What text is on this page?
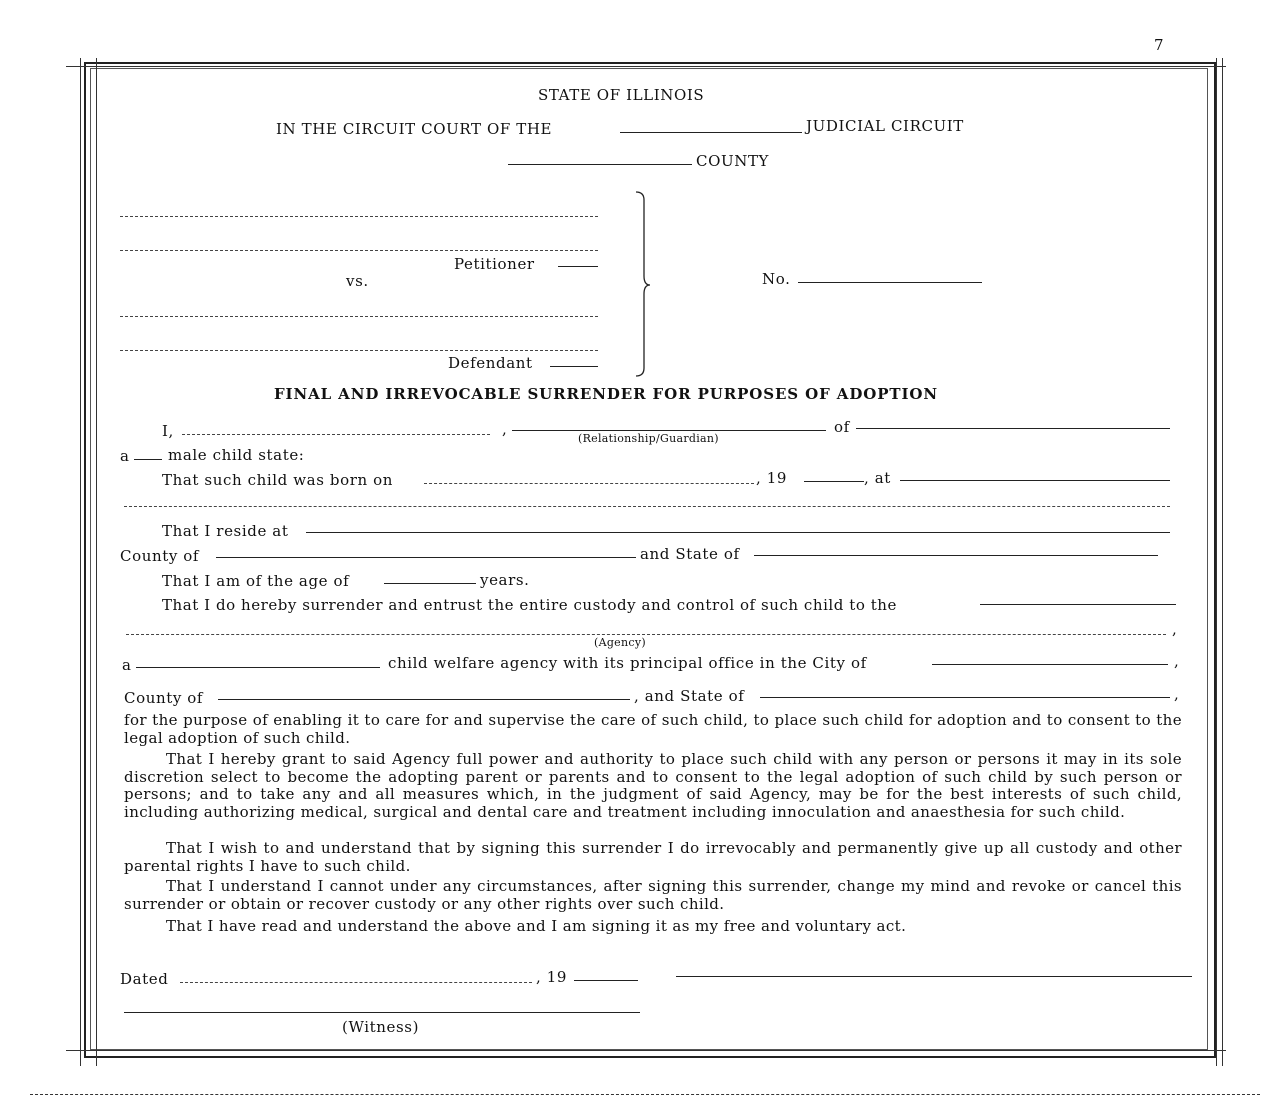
7
STATE OF ILLINOIS
IN THE CIRCUIT COURT OF THE	JUDICIAL CIRCUIT
COUNTY
Petitioner
vs.
Defendant
No.
FINAL AND IRREVOCABLE SURRENDER FOR PURPOSES OF ADOPTION
I,	,
(Relationship/Guardian)
of
a	male child state:
That such child was born on	, 19	, at
That I reside at
County of	and State of
That I am of the age of	years.
That I do hereby surrender and entrust the entire custody and control of such child to the
,
(Agency)
a	child welfare agency with its principal office in the City of	,
County of	, and State of	,
for the purpose of enabling it to care for and supervise the care of such child, to place such child for adoption and to consent to the legal adoption of such child.
That I hereby grant to said Agency full power and authority to place such child with any person or persons it may in its sole discretion select to become the adopting parent or parents and to consent to the legal adoption of such child by such person or persons; and to take any and all measures which, in the judgment of said Agency, may be for the best interests of such child, including authorizing medical, surgical and dental care and treatment including innoculation and anaesthesia for such child.
That I wish to and understand that by signing this surrender I do irrevocably and permanently give up all custody and other parental rights I have to such child.
That I understand I cannot under any circumstances, after signing this surrender, change my mind and revoke or cancel this surrender or obtain or recover custody or any other rights over such child.
That I have read and understand the above and I am signing it as my free and voluntary act.
Dated	, 19
(Witness)
